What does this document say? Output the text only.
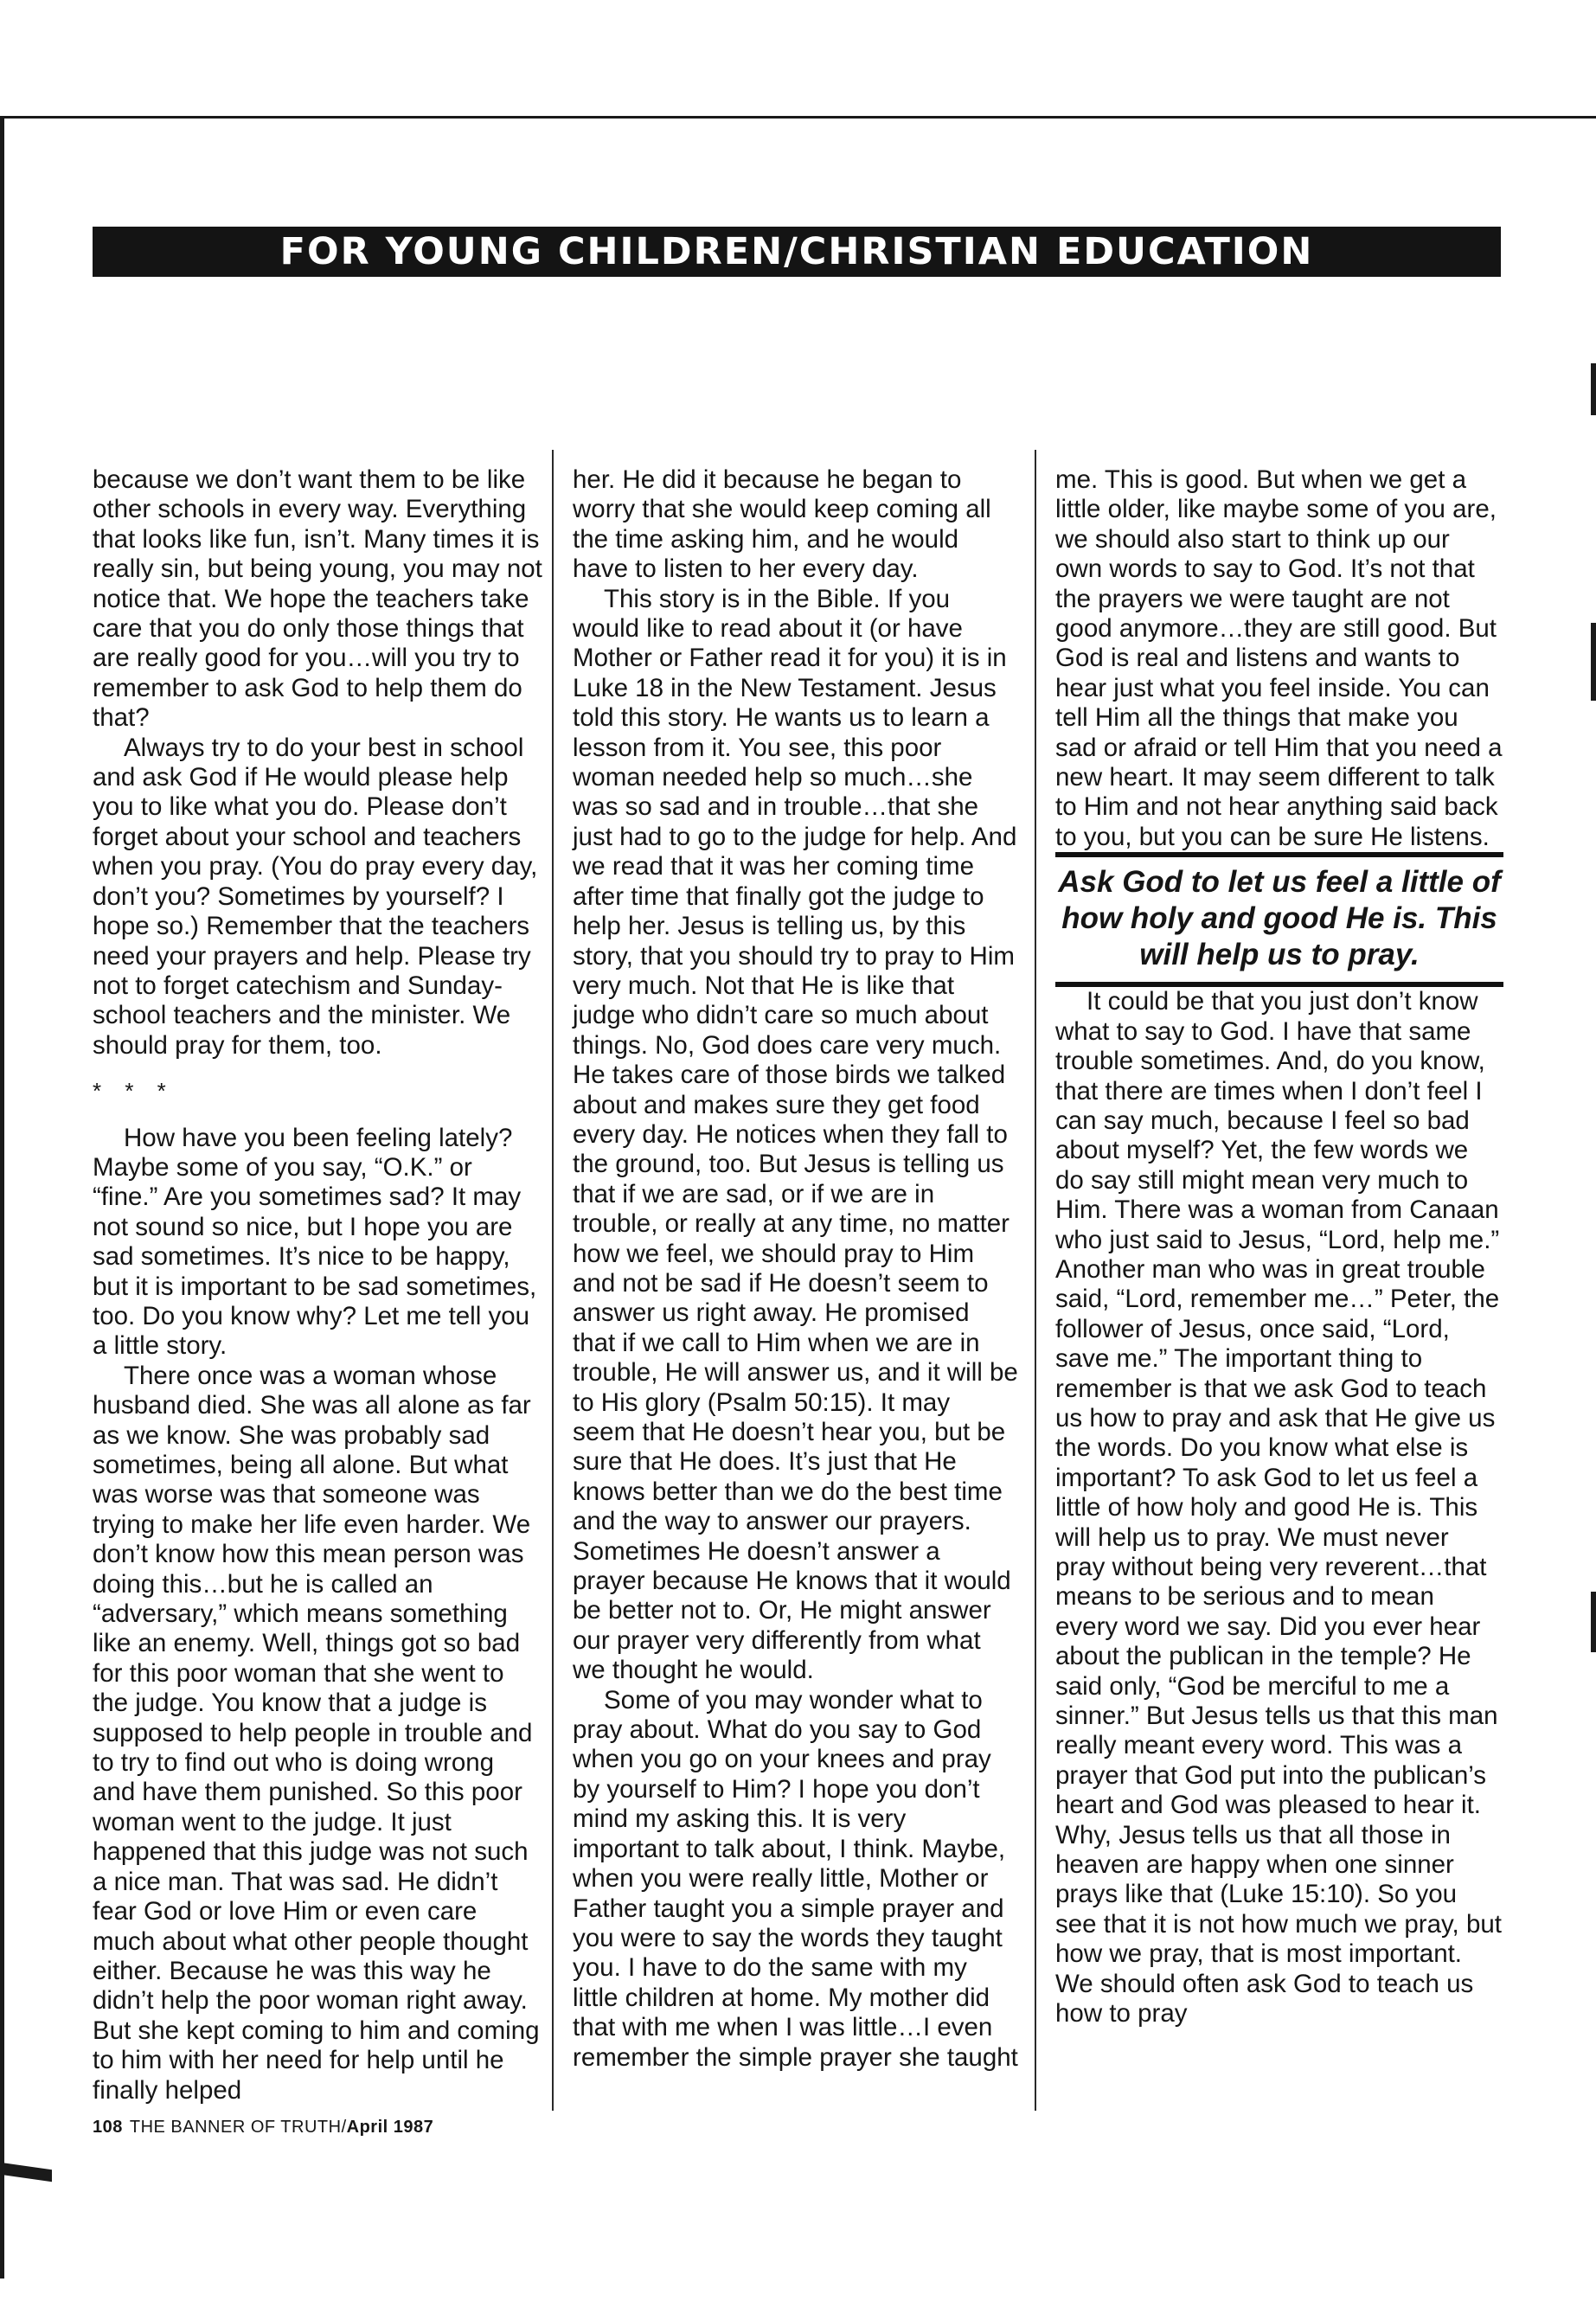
FOR YOUNG CHILDREN/CHRISTIAN EDUCATION

because we don’t want them to be like other schools in every way. Everything that looks like fun, isn’t. Many times it is really sin, but being young, you may not notice that. We hope the teachers take care that you do only those things that are really good for you…will you try to remember to ask God to help them do that?

Always try to do your best in school and ask God if He would please help you to like what you do. Please don’t forget about your school and teachers when you pray. (You do pray every day, don’t you? Sometimes by yourself? I hope so.) Remember that the teachers need your prayers and help. Please try not to forget catechism and Sunday-school teachers and the minister. We should pray for them, too.

* * *

How have you been feeling lately? Maybe some of you say, “O.K.” or “fine.” Are you sometimes sad? It may not sound so nice, but I hope you are sad sometimes. It’s nice to be happy, but it is important to be sad sometimes, too. Do you know why? Let me tell you a little story.

There once was a woman whose husband died. She was all alone as far as we know. She was probably sad sometimes, being all alone. But what was worse was that someone was trying to make her life even harder. We don’t know how this mean person was doing this…but he is called an “adversary,” which means something like an enemy. Well, things got so bad for this poor woman that she went to the judge. You know that a judge is supposed to help people in trouble and to try to find out who is doing wrong and have them punished. So this poor woman went to the judge. It just happened that this judge was not such a nice man. That was sad. He didn’t fear God or love Him or even care much about what other people thought either. Because he was this way he didn’t help the poor woman right away. But she kept coming to him and coming to him with her need for help until he finally helped

her. He did it because he began to worry that she would keep coming all the time asking him, and he would have to listen to her every day.

This story is in the Bible. If you would like to read about it (or have Mother or Father read it for you) it is in Luke 18 in the New Testament. Jesus told this story. He wants us to learn a lesson from it. You see, this poor woman needed help so much…she was so sad and in trouble…that she just had to go to the judge for help. And we read that it was her coming time after time that finally got the judge to help her. Jesus is telling us, by this story, that you should try to pray to Him very much. Not that He is like that judge who didn’t care so much about things. No, God does care very much. He takes care of those birds we talked about and makes sure they get food every day. He notices when they fall to the ground, too. But Jesus is telling us that if we are sad, or if we are in trouble, or really at any time, no matter how we feel, we should pray to Him and not be sad if He doesn’t seem to answer us right away. He promised that if we call to Him when we are in trouble, He will answer us, and it will be to His glory (Psalm 50:15). It may seem that He doesn’t hear you, but be sure that He does. It’s just that He knows better than we do the best time and the way to answer our prayers. Sometimes He doesn’t answer a prayer because He knows that it would be better not to. Or, He might answer our prayer very differently from what we thought he would.

Some of you may wonder what to pray about. What do you say to God when you go on your knees and pray by yourself to Him? I hope you don’t mind my asking this. It is very important to talk about, I think. Maybe, when you were really little, Mother or Father taught you a simple prayer and you were to say the words they taught you. I have to do the same with my little children at home. My mother did that with me when I was little…I even remember the simple prayer she taught

me. This is good. But when we get a little older, like maybe some of you are, we should also start to think up our own words to say to God. It’s not that the prayers we were taught are not good anymore…they are still good. But God is real and listens and wants to hear just what you feel inside. You can tell Him all the things that make you sad or afraid or tell Him that you need a new heart. It may seem different to talk to Him and not hear anything said back to you, but you can be sure He listens.

Ask God to let us feel a little of how holy and good He is. This will help us to pray.

It could be that you just don’t know what to say to God. I have that same trouble sometimes. And, do you know, that there are times when I don’t feel I can say much, because I feel so bad about myself? Yet, the few words we do say still might mean very much to Him. There was a woman from Canaan who just said to Jesus, “Lord, help me.” Another man who was in great trouble said, “Lord, remember me…” Peter, the follower of Jesus, once said, “Lord, save me.” The important thing to remember is that we ask God to teach us how to pray and ask that He give us the words. Do you know what else is important? To ask God to let us feel a little of how holy and good He is. This will help us to pray. We must never pray without being very reverent…that means to be serious and to mean every word we say. Did you ever hear about the publican in the temple? He said only, “God be merciful to me a sinner.” But Jesus tells us that this man really meant every word. This was a prayer that God put into the publican’s heart and God was pleased to hear it. Why, Jesus tells us that all those in heaven are happy when one sinner prays like that (Luke 15:10). So you see that it is not how much we pray, but how we pray, that is most important. We should often ask God to teach us how to pray

108 THE BANNER OF TRUTH/April 1987
